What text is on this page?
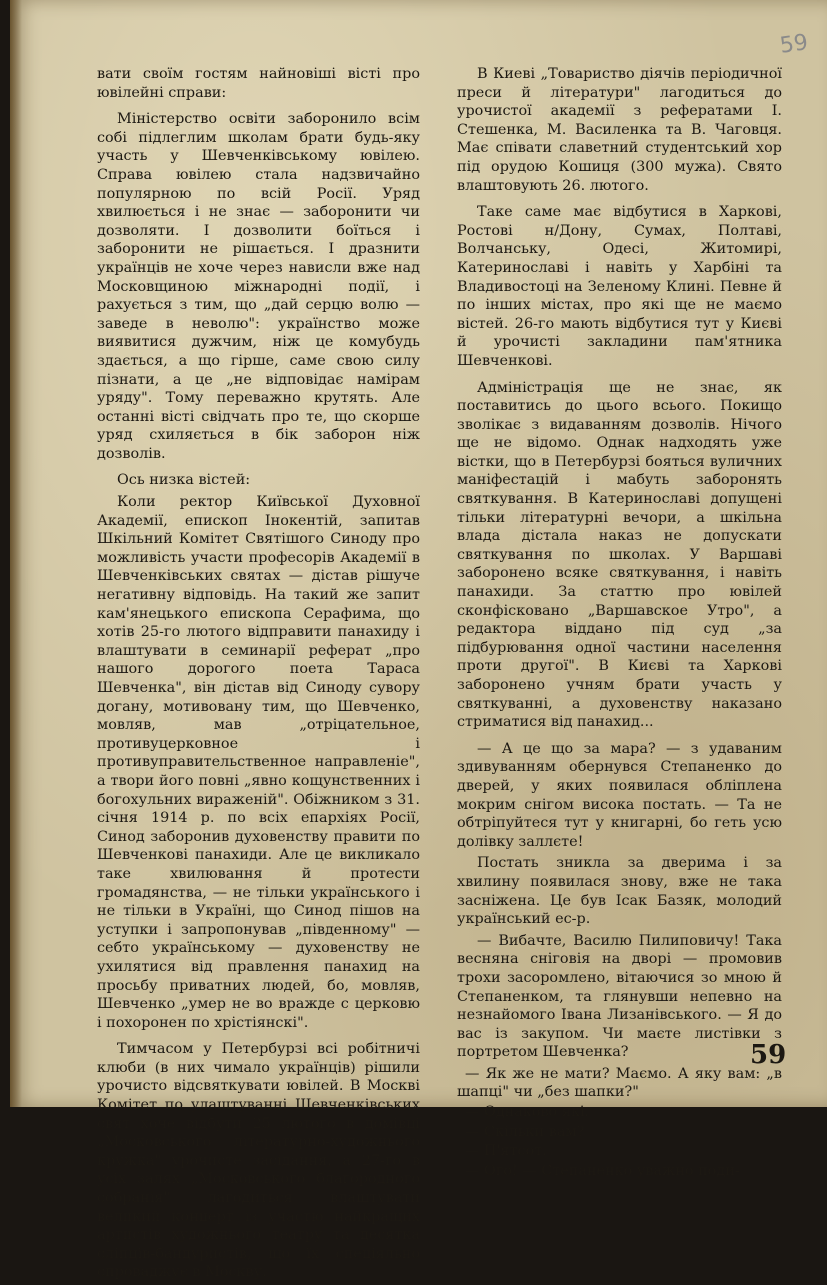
59

вати своїм гостям найновіші вісті про ювілейні справи:

Міністерство освіти заборонило всім собі підлеглим школам брати будь-яку участь у Шевченківському ювілею. Справа ювілею стала надзвичайно популярною по всій Росії. Уряд хвилюється і не знає — заборонити чи дозволяти. І дозволити боїться і заборонити не рішається. І дразнити українців не хоче через нависли вже над Московщиною міжнародні події, і рахується з тим, що „дай серцю волю — заведе в неволю": українство може виявитися дужчим, ніж це комубудь здається, а що гірше, саме свою силу пізнати, а це „не відповідає намірам уряду". Тому переважно крутять. Але останні вісті свідчать про те, що скорше уряд схиляється в бік заборон ніж дозволів.

Ось низка вістей:

Коли ректор Київської Духовної Академії, епископ Інокентій, запитав Шкільний Комітет Святішого Синоду про можливість участи професорів Академії в Шевченківських святах — дістав рішуче негативну відповідь. На такий же запит кам'янецького епископа Серафима, що хотів 25-го лютого відправити панахиду і влаштувати в семинарії реферат „про нашого дорогого поета Тараса Шевченка", він дістав від Синоду сувору догану, мотивовану тим, що Шевченко, мовляв, мав „отріцательное, противуцерковное і противуправительственное направленіе", а твори його повні „явно кощунственних і богохульних вираженій". Обіжником з 31. січня 1914 р. по всіх епархіях Росії, Синод заборонив духовенству правити по Шевченкові панахиди. Але це викликало таке хвилювання й протести громадянства, — не тільки українського і не тільки в Україні, що Синод пішов на уступки і запропонував „південному" — себто українському — духовенству не ухилятися від правлення панахид на просьбу приватних людей, бо, мовляв, Шевченко „умер не во вражде с церковю і похоронен по хрістіянскі".

Тимчасом у Петербурзі всі робітничі клюби (в них чимало українців) рішили урочисто відсвяткувати ювілей. В Москві Комітет по улаштуванні Шевченківських свят хоче відбути 25 лютого в домівці „Московського літературно-художнього кружка" урочисте засідання, а 27-го в усіх залях „Московського благородного собранія" лагодиться влаштувати великий концерт із участю найкращих артистів художнього театру та десятка сліпців-бандуристів, що їх спеціяльно спроваджує в Москву.

В Киеві „Товариство діячів періодичної преси й літератури" лагодиться до урочистої академії з рефератами І. Стешенка, М. Василенка та В. Чаговця. Має співати славетний студентський хор під орудою Кошиця (300 мужа). Свято влаштовують 26. лютого.

Таке саме має відбутися в Харкові, Ростові н/Дону, Сумах, Полтаві, Волчанську, Одесі, Житомирі, Катеринославі і навіть у Харбіні та Владивостоці на Зеленому Клині. Певне й по інших містах, про які ще не маємо вістей. 26-го мають відбутися тут у Києві й урочисті закладини пам'ятника Шевченкові.

Адміністрація ще не знає, як поставитись до цього всього. Покищо зволікає з видаванням дозволів. Нічого ще не відомо. Однак надходять уже вістки, що в Петербурзі бояться вуличних маніфестацій і мабуть заборонять святкування. В Катеринославі допущені тільки літературні вечори, а шкільна влада дістала наказ не допускати святкування по школах. У Варшаві заборонено всяке святкування, і навіть панахиди. За статтю про ювілей сконфісковано „Варшавское Утро", а редактора віддано під суд „за підбурювання одної частини населення проти другої". В Києві та Харкові заборонено учням брати участь у святкуванні, а духовенству наказано стриматися від панахид...

— А це що за мара? — з удаваним здивуванням обернувся Степаненко до дверей, у яких появилася обліплена мокрим снігом висока постать. — Та не обтріпуйтеся тут у книгарні, бо геть усю долівку заллєте!

Постать зникла за дверима і за хвилину появилася знову, вже не така засніжена. Це був Ісак Базяк, молодий український ес-р.

— Вибачте, Василю Пилиповичу! Така весняна сніговія на дворі — промовив трохи засоромлено, вітаючися зо мною й Степаненком, та глянувши непевно на незнайомого Івана Лизанівського. — Я до вас із закупом. Чи маєте листівки з портретом Шевченка?

— Як же не мати? Маємо. А яку вам: „в шапці" чи „без шапки?"

— Однаково які.

— Скільки вам?

— П'ятсот.

— Ого! — Степаненко уважно поди-

59
